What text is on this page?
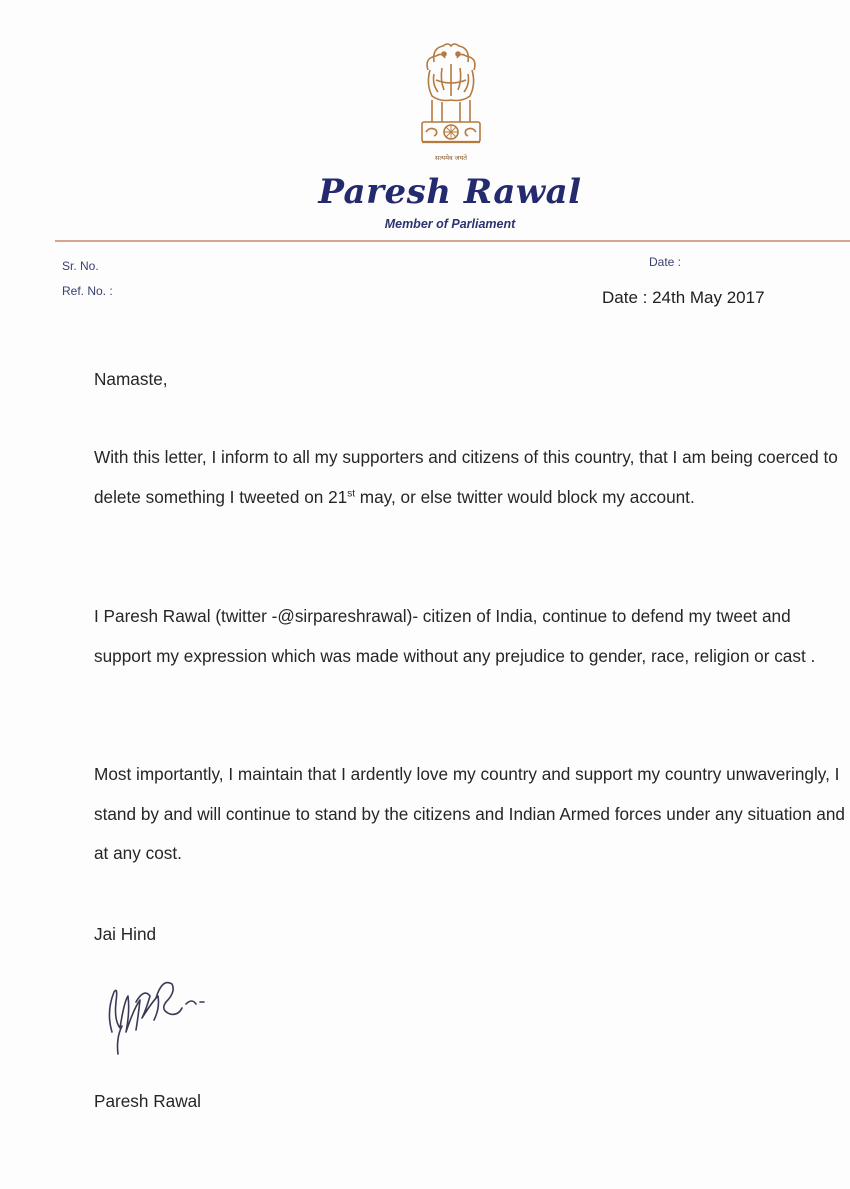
सत्यमेव जयते
Paresh Rawal
Member of Parliament
Sr. No.
Ref. No. :
Date :
Date : 24th May 2017
Namaste,
With this letter, I inform to all my supporters and citizens of this country, that I am being coerced to delete something I tweeted on 21st may, or else twitter would block my account.
I Paresh Rawal (twitter -@sirpareshrawal)- citizen of India, continue to defend my tweet and support my expression which was made without any prejudice to gender, race, religion or cast .
Most importantly, I maintain that I ardently love my country and support my country unwaveringly, I stand by and will continue to stand by the citizens and Indian Armed forces under any situation and at any cost.
Jai Hind
Paresh Rawal
